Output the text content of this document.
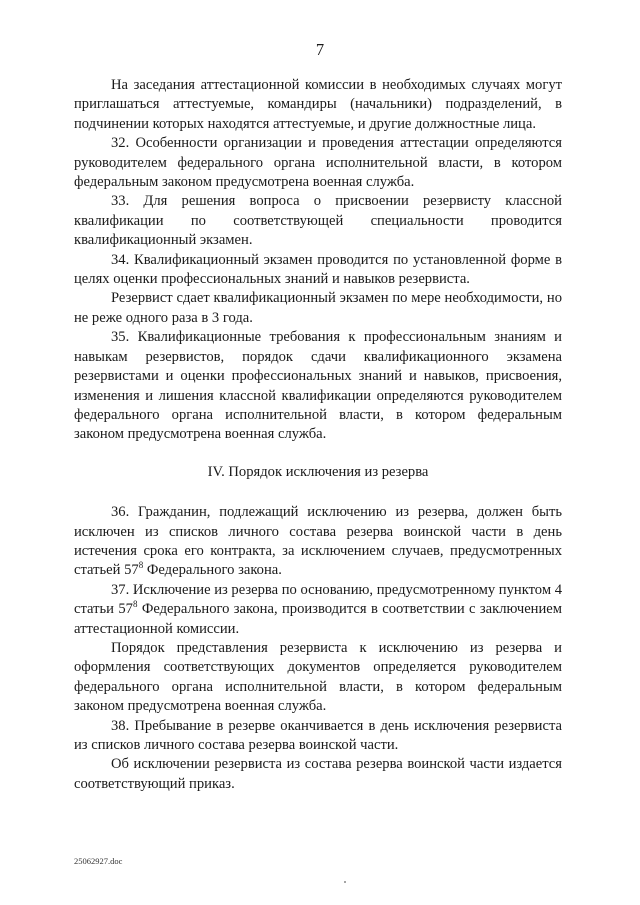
7

На заседания аттестационной комиссии в необходимых случаях могут приглашаться аттестуемые, командиры (начальники) подразделений, в подчинении которых находятся аттестуемые, и другие должностные лица.

32. Особенности организации и проведения аттестации определяются руководителем федерального органа исполнительной власти, в котором федеральным законом предусмотрена военная служба.

33. Для решения вопроса о присвоении резервисту классной квалификации по соответствующей специальности проводится квалификационный экзамен.

34. Квалификационный экзамен проводится по установленной форме в целях оценки профессиональных знаний и навыков резервиста.

Резервист сдает квалификационный экзамен по мере необходимости, но не реже одного раза в 3 года.

35. Квалификационные требования к профессиональным знаниям и навыкам резервистов, порядок сдачи квалификационного экзамена резервистами и оценки профессиональных знаний и навыков, присвоения, изменения и лишения классной квалификации определяются руководителем федерального органа исполнительной власти, в котором федеральным законом предусмотрена военная служба.

IV. Порядок исключения из резерва

36. Гражданин, подлежащий исключению из резерва, должен быть исключен из списков личного состава резерва воинской части в день истечения срока его контракта, за исключением случаев, предусмотренных статьей $57^8$ Федерального закона.

37. Исключение из резерва по основанию, предусмотренному пунктом 4 статьи $57^8$ Федерального закона, производится в соответствии с заключением аттестационной комиссии.

Порядок представления резервиста к исключению из резерва и оформления соответствующих документов определяется руководителем федерального органа исполнительной власти, в котором федеральным законом предусмотрена военная служба.

38. Пребывание в резерве оканчивается в день исключения резервиста из списков личного состава резерва воинской части.

Об исключении резервиста из состава резерва воинской части издается соответствующий приказ.

25062927.doc
